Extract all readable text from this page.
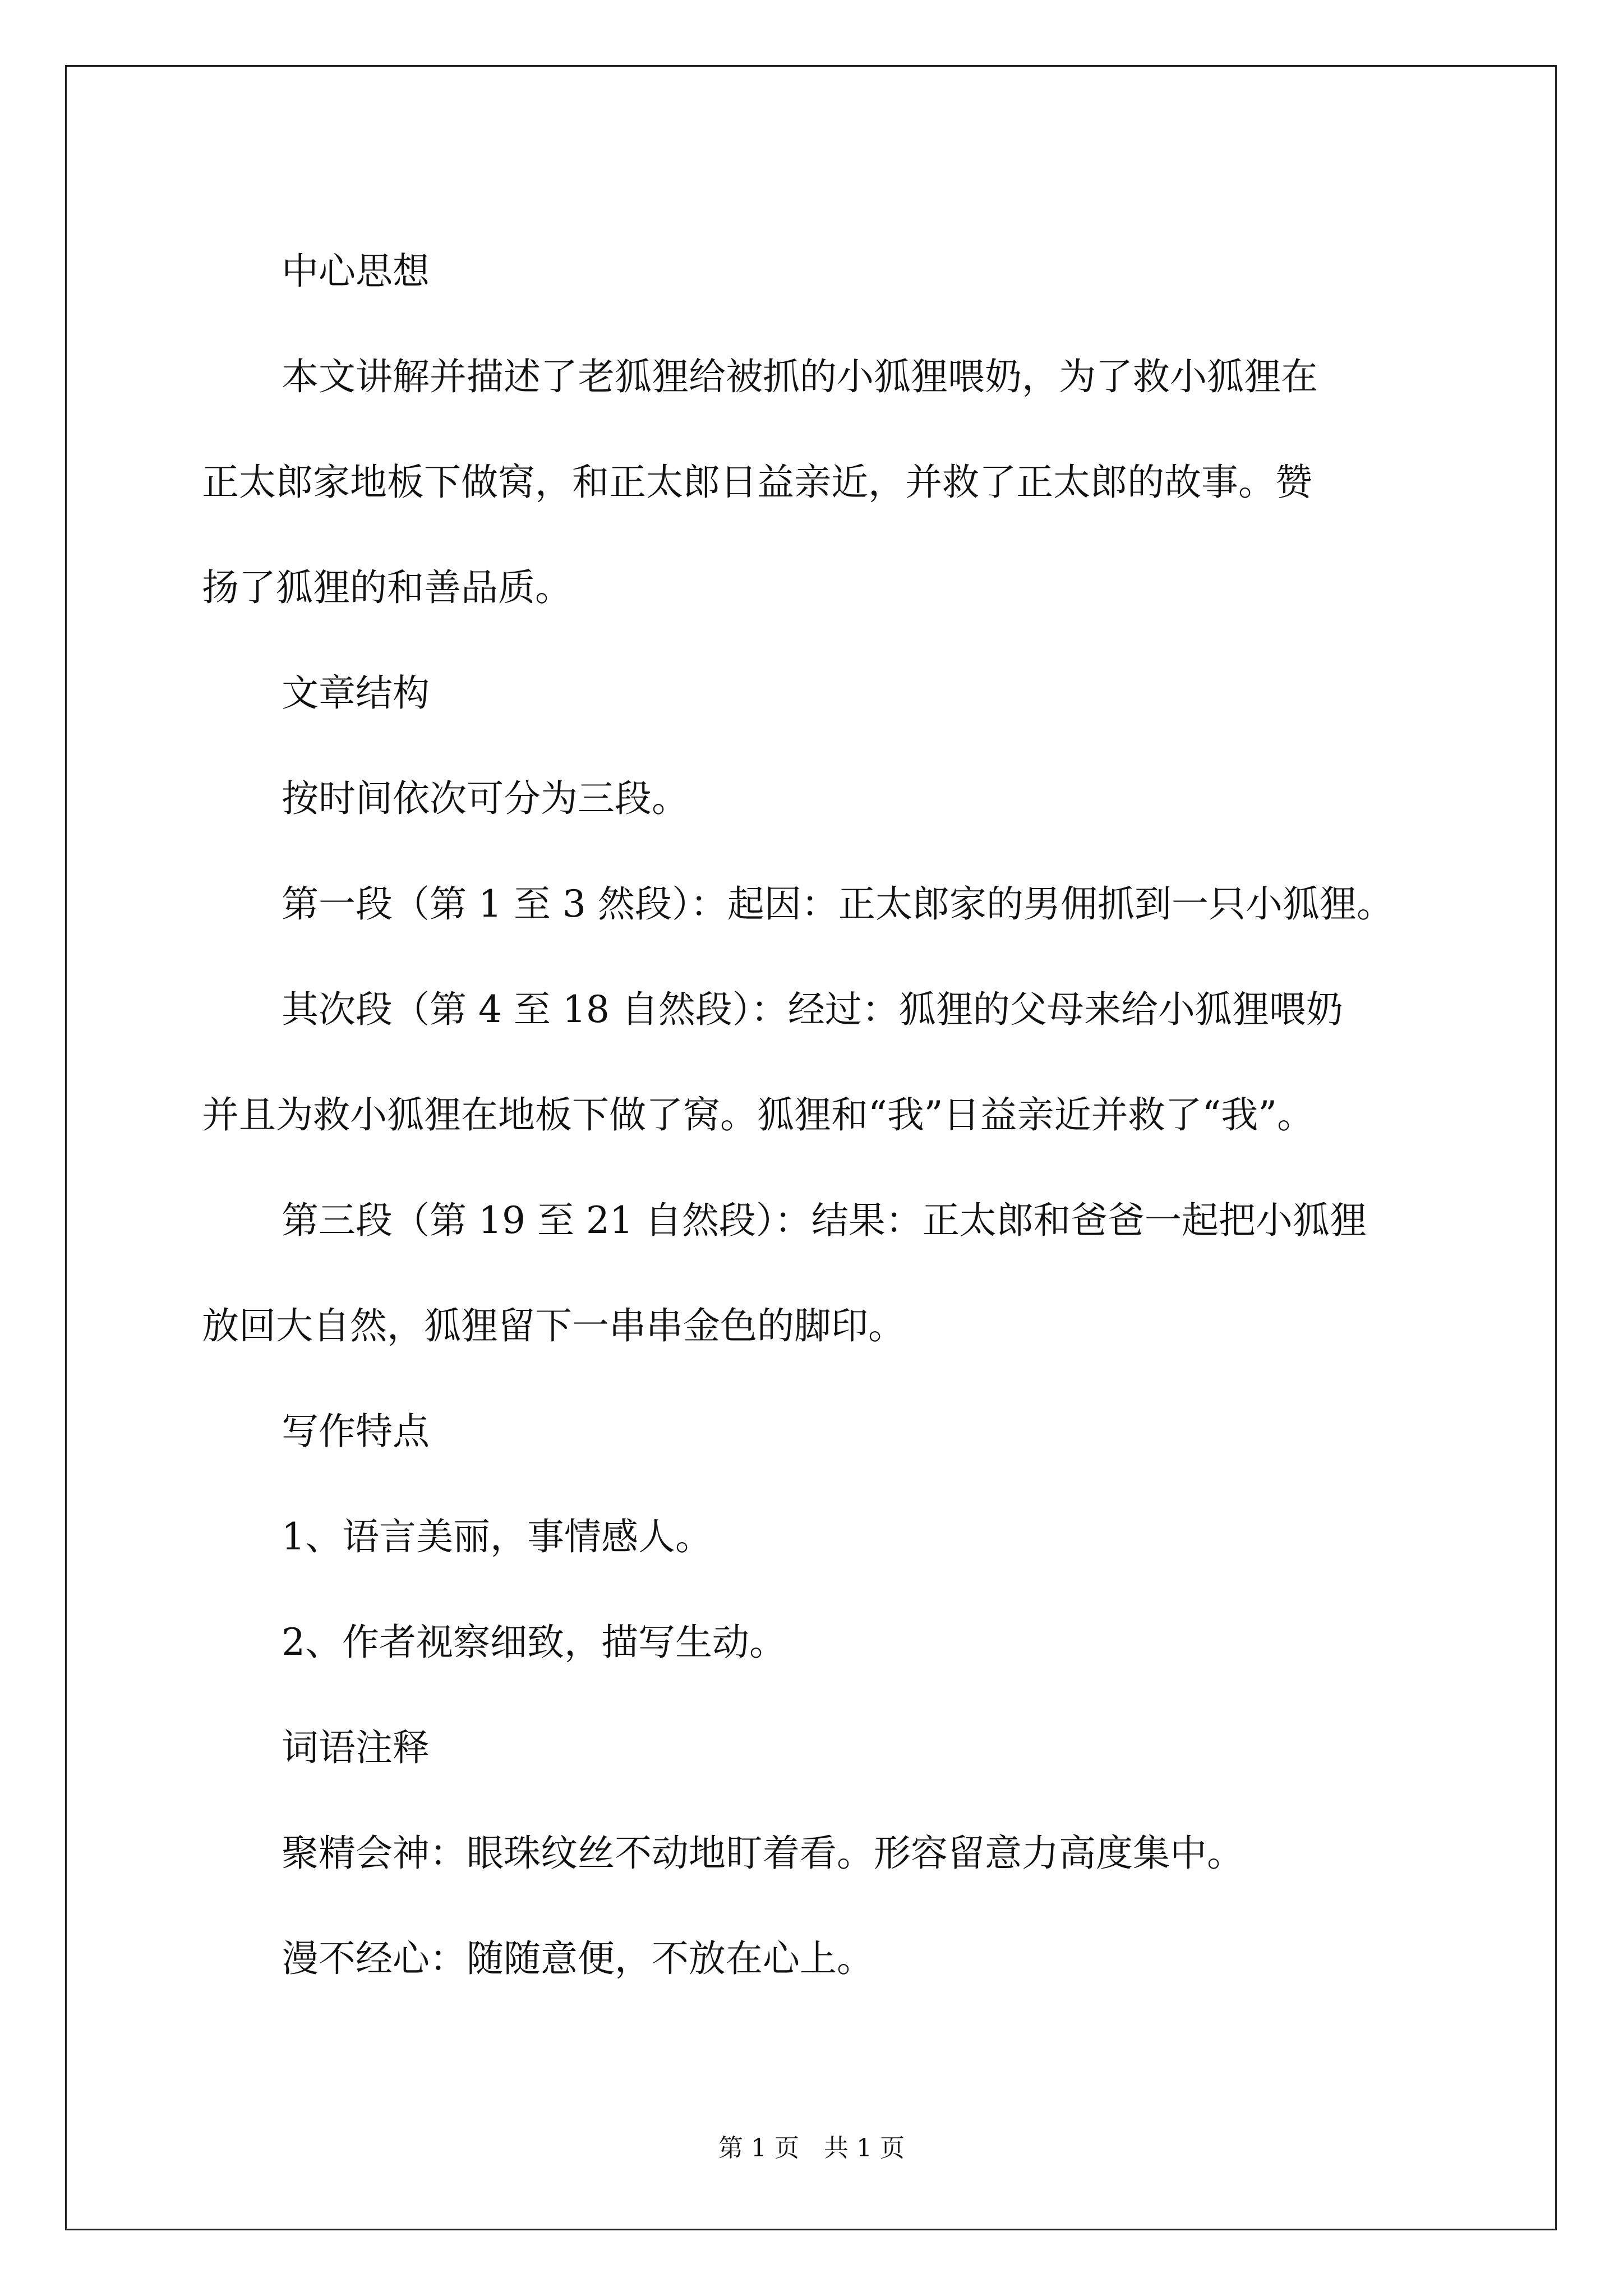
中心思想

本文讲解并描述了老狐狸给被抓的小狐狸喂奶，为了救小狐狸在

正太郎家地板下做窝，和正太郎日益亲近，并救了正太郎的故事。赞

扬了狐狸的和善品质。

文章结构

按时间依次可分为三段。

第一段（第 1 至 3 然段）：起因：正太郎家的男佣抓到一只小狐狸。

其次段（第 4 至 18 自然段）：经过：狐狸的父母来给小狐狸喂奶

并且为救小狐狸在地板下做了窝。狐狸和“我”日益亲近并救了“我”。

第三段（第 19 至 21 自然段）：结果：正太郎和爸爸一起把小狐狸

放回大自然，狐狸留下一串串金色的脚印。

写作特点

1、语言美丽，事情感人。

2、作者视察细致，描写生动。

词语注释

聚精会神：眼珠纹丝不动地盯着看。形容留意力高度集中。

漫不经心：随随意便，不放在心上。

第 1 页　共 1 页
